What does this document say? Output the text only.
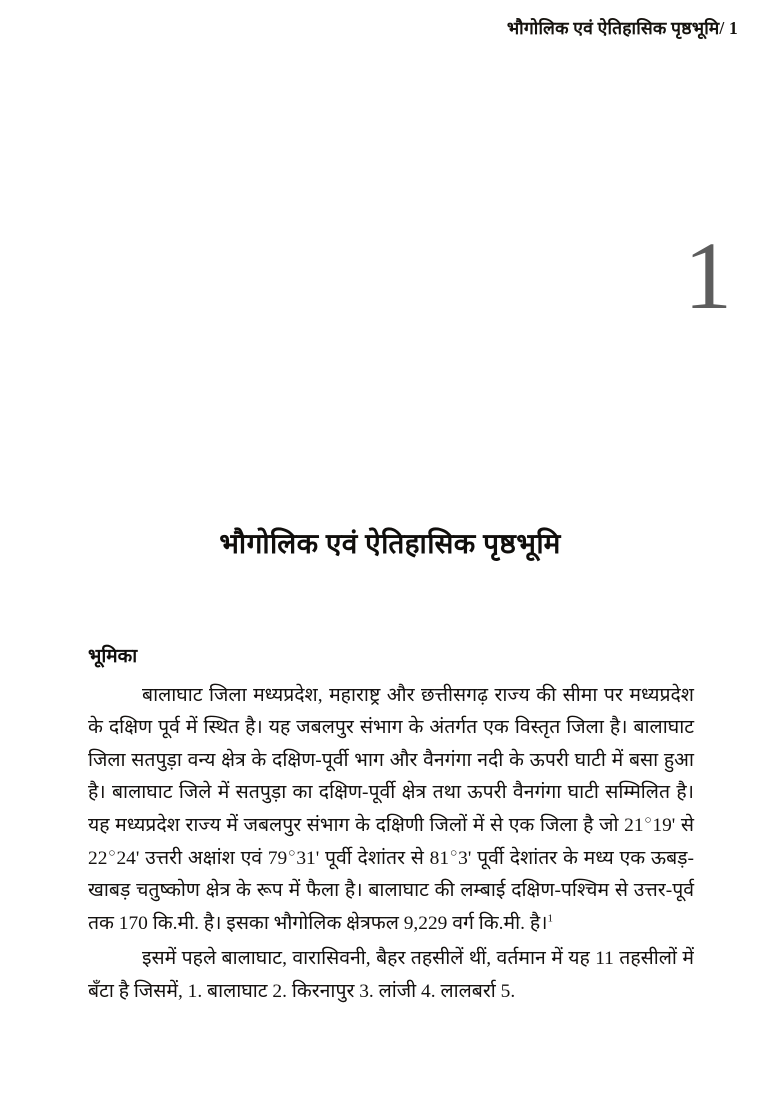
भौगोलिक एवं ऐतिहासिक पृष्ठभूमि/ 1
1
भौगोलिक एवं ऐतिहासिक पृष्ठभूमि
भूमिका

बालाघाट जिला मध्यप्रदेश, महाराष्ट्र और छत्तीसगढ़ राज्य की सीमा पर मध्यप्रदेश के दक्षिण पूर्व में स्थित है। यह जबलपुर संभाग के अंतर्गत एक विस्तृत जिला है। बालाघाट जिला सतपुड़ा वन्य क्षेत्र के दक्षिण-पूर्वी भाग और वैनगंगा नदी के ऊपरी घाटी में बसा हुआ है। बालाघाट जिले में सतपुड़ा का दक्षिण-पूर्वी क्षेत्र तथा ऊपरी वैनगंगा घाटी सम्मिलित है। यह मध्यप्रदेश राज्य में जबलपुर संभाग के दक्षिणी जिलों में से एक जिला है जो 21○19' से 22○24' उत्तरी अक्षांश एवं 79○31' पूर्वी देशांतर से 81○3' पूर्वी देशांतर के मध्य एक ऊबड़-खाबड़ चतुष्कोण क्षेत्र के रूप में फैला है। बालाघाट की लम्बाई दक्षिण-पश्चिम से उत्तर-पूर्व तक 170 कि.मी. है। इसका भौगोलिक क्षेत्रफल 9,229 वर्ग कि.मी. है।$^1$

इसमें पहले बालाघाट, वारासिवनी, बैहर तहसीलें थीं, वर्तमान में यह 11 तहसीलों में बँटा है जिसमें, 1. बालाघाट 2. किरनापुर 3. लांजी 4. लालबर्रा 5.
